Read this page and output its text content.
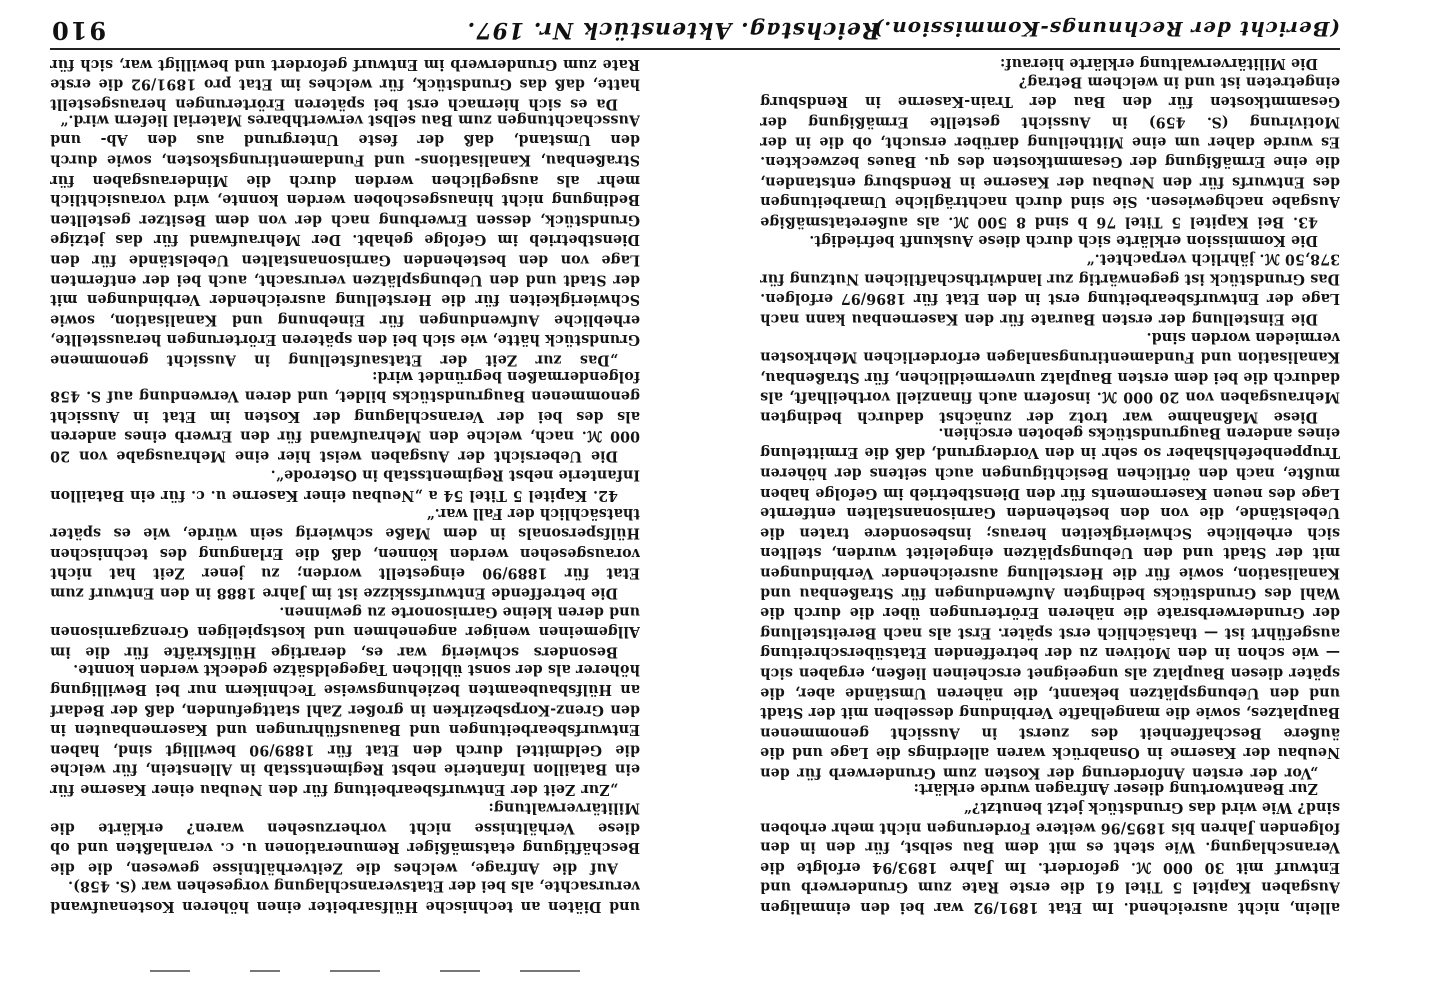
(Bericht der Rechnungs-Kommission.)
Reichstag. Aktenstück Nr. 197.
910

und Diäten an technische Hülfsarbeiter einen höheren Kostenaufwand verursachte, als bei der Etatsveranschlagung vorgesehen war (S. 458).

Auf die Anfrage, welches die Zeitverhältnisse gewesen, die die Beschäftigung etatsmäßiger Remunerationen u. c. veranlaßten und ob diese Verhältnisse nicht vorherzusehen waren? erklärte die Militärverwaltung:

„Zur Zeit der Entwurfsbearbeitung für den Neubau einer Kaserne für ein Bataillon Infanterie nebst Regimentsstab in Allenstein, für welche die Geldmittel durch den Etat für 1889/90 bewilligt sind, haben Entwurfsbearbeitungen und Bauausführungen und Kasernenbauten in den Grenz-Korpsbezirken in großer Zahl stattgefunden, daß der Bedarf an Hülfsbaubeamten beziehungsweise Technikern nur bei Bewilligung höherer als der sonst üblichen Tagegeldsätze gedeckt werden konnte.

Besonders schwierig war es, derartige Hülfskräfte für die im Allgemeinen weniger angenehmen und kostspieligen Grenzgarnisonen und deren kleine Garnisonorte zu gewinnen.

Die betreffende Entwurfsskizze ist im Jahre 1888 in den Entwurf zum Etat für 1889/90 eingestellt worden; zu jener Zeit hat nicht vorausgesehen werden können, daß die Erlangung des technischen Hülfspersonals in dem Maße schwierig sein würde, wie es später thatsächlich der Fall war.“

42. Kapitel 5 Titel 54 a „Neubau einer Kaserne u. c. für ein Bataillon Infanterie nebst Regimentsstab in Osterode“.

Die Uebersicht der Ausgaben weist hier eine Mehrausgabe von 20 000 ℳ. nach, welche den Mehraufwand für den Erwerb eines anderen als des bei der Veranschlagung der Kosten im Etat in Aussicht genommenen Baugrundstücks bildet, und deren Verwendung auf S. 458 folgendermaßen begründet wird:

„Das zur Zeit der Etatsaufstellung in Aussicht genommene Grundstück hätte, wie sich bei den späteren Erörterungen herausstellte, erhebliche Aufwendungen für Einebnung und Kanalisation, sowie Schwierigkeiten für die Herstellung ausreichender Verbindungen mit der Stadt und den Uebungsplätzen verursacht, auch bei der entfernten Lage von den bestehenden Garnisonanstalten Uebelstände für den Dienstbetrieb im Gefolge gehabt. Der Mehraufwand für das jetzige Grundstück, dessen Erwerbung nach der von dem Besitzer gestellten Bedingung nicht hinausgeschoben werden konnte, wird vorausichtlich mehr als ausgeglichen werden durch die Minderausgaben für Straßenbau, Kanalisations- und Fundamentirungskosten, sowie durch den Umstand, daß der feste Untergrund aus den Ab- und Ausschachtungen zum Bau selbst verwerthbares Material liefern wird.“

Da es sich hiernach erst bei späteren Erörterungen herausgestellt hatte, daß das Grundstück, für welches im Etat pro 1891/92 die erste Rate zum Grunderwerb im Entwurf gefordert und bewilligt war, sich für

allein, nicht ausreichend. Im Etat 1891/92 war bei den einmaligen Ausgaben Kapitel 5 Titel 61 die erste Rate zum Grunderwerb und Entwurf mit 30 000 ℳ. gefordert. Im Jahre 1893/94 erfolgte die Veranschlagung. Wie steht es mit dem Bau selbst, für den in den folgenden Jahren bis 1895/96 weitere Forderungen nicht mehr erhoben sind? Wie wird das Grundstück jetzt benutzt?“

Zur Beantwortung dieser Anfragen wurde erklärt:

„Vor der ersten Anforderung der Kosten zum Grunderwerb für den Neubau der Kaserne in Osnabrück waren allerdings die Lage und die äußere Beschaffenheit des zuerst in Aussicht genommenen Bauplatzes, sowie die mangelhafte Verbindung desselben mit der Stadt und den Uebungsplätzen bekannt, die näheren Umstände aber, die später diesen Bauplatz als ungeeignet erscheinen ließen, ergaben sich — wie schon in den Motiven zu der betreffenden Etatsüberschreitung ausgeführt ist — thatsächlich erst später. Erst als nach Bereitstellung der Grunderwerbsrate die näheren Erörterungen über die durch die Wahl des Grundstücks bedingten Aufwendungen für Straßenbau und Kanalisation, sowie für die Herstellung ausreichender Verbindungen mit der Stadt und den Uebungsplätzen eingeleitet wurden, stellten sich erhebliche Schwierigkeiten heraus; insbesondere traten die Uebelstände, die von den bestehenden Garnisonanstalten entfernte Lage des neuen Kasernements für den Dienstbetrieb im Gefolge haben mußte, nach den örtlichen Besichtigungen auch seitens der höheren Truppenbefehlshaber so sehr in den Vordergrund, daß die Ermittelung eines anderen Baugrundstücks geboten erschien.

Diese Maßnahme war trotz der zunächst dadurch bedingten Mehrausgaben von 20 000 ℳ. insofern auch finanziell vortheilhaft, als dadurch die bei dem ersten Bauplatz unvermeidlichen, für Straßenbau, Kanalisation und Fundamentirungsanlagen erforderlichen Mehrkosten vermieden worden sind.

Die Einstellung der ersten Baurate für den Kasernenbau kann nach Lage der Entwurfsbearbeitung erst in den Etat für 1896/97 erfolgen. Das Grundstück ist gegenwärtig zur landwirthschaftlichen Nutzung für 378,50 ℳ. jährlich verpachtet.“

Die Kommission erklärte sich durch diese Auskunft befriedigt.

43. Bei Kapitel 5 Titel 76 b sind 8 500 ℳ. als außeretatsmäßige Ausgabe nachgewiesen. Sie sind durch nachträgliche Umarbeitungen des Entwurfs für den Neubau der Kaserne in Rendsburg entstanden, die eine Ermäßigung der Gesammtkosten des qu. Baues bezweckten. Es wurde daher um eine Mittheilung darüber ersucht, ob die in der Motivirung (S. 459) in Aussicht gestellte Ermäßigung der Gesammtkosten für den Bau der Train-Kaserne in Rendsburg eingetreten ist und in welchem Betrag?

Die Militärverwaltung erklärte hierauf:
